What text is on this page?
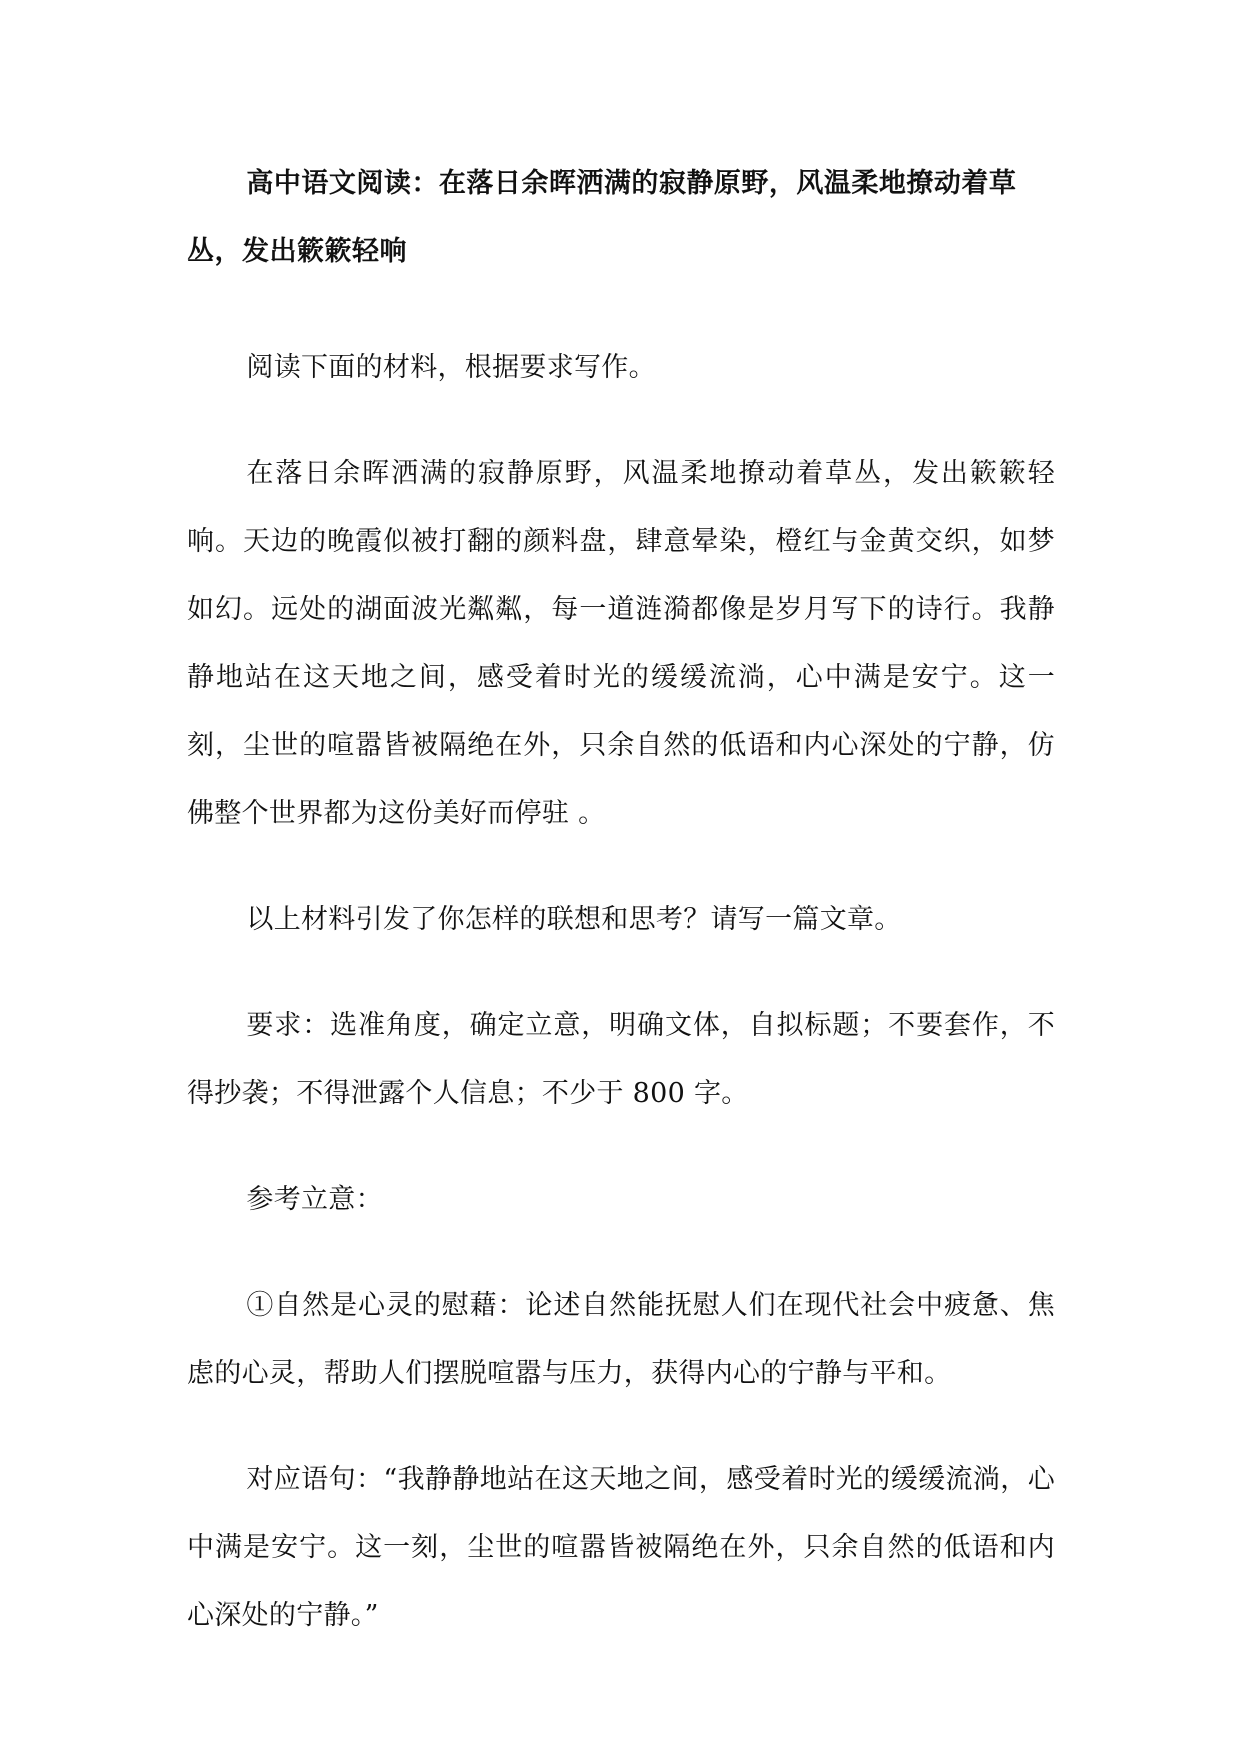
高中语文阅读：在落日余晖洒满的寂静原野，风温柔地撩动着草丛，发出簌簌轻响

阅读下面的材料，根据要求写作。

在落日余晖洒满的寂静原野，风温柔地撩动着草丛，发出簌簌轻响。天边的晚霞似被打翻的颜料盘，肆意晕染，橙红与金黄交织，如梦如幻。远处的湖面波光粼粼，每一道涟漪都像是岁月写下的诗行。我静静地站在这天地之间，感受着时光的缓缓流淌，心中满是安宁。这一刻，尘世的喧嚣皆被隔绝在外，只余自然的低语和内心深处的宁静，仿佛整个世界都为这份美好而停驻 。

以上材料引发了你怎样的联想和思考？请写一篇文章。

要求：选准角度，确定立意，明确文体，自拟标题；不要套作，不得抄袭；不得泄露个人信息；不少于 800 字。

参考立意：

①自然是心灵的慰藉：论述自然能抚慰人们在现代社会中疲惫、焦虑的心灵，帮助人们摆脱喧嚣与压力，获得内心的宁静与平和。

对应语句：“我静静地站在这天地之间，感受着时光的缓缓流淌，心中满是安宁。这一刻，尘世的喧嚣皆被隔绝在外，只余自然的低语和内心深处的宁静。”
